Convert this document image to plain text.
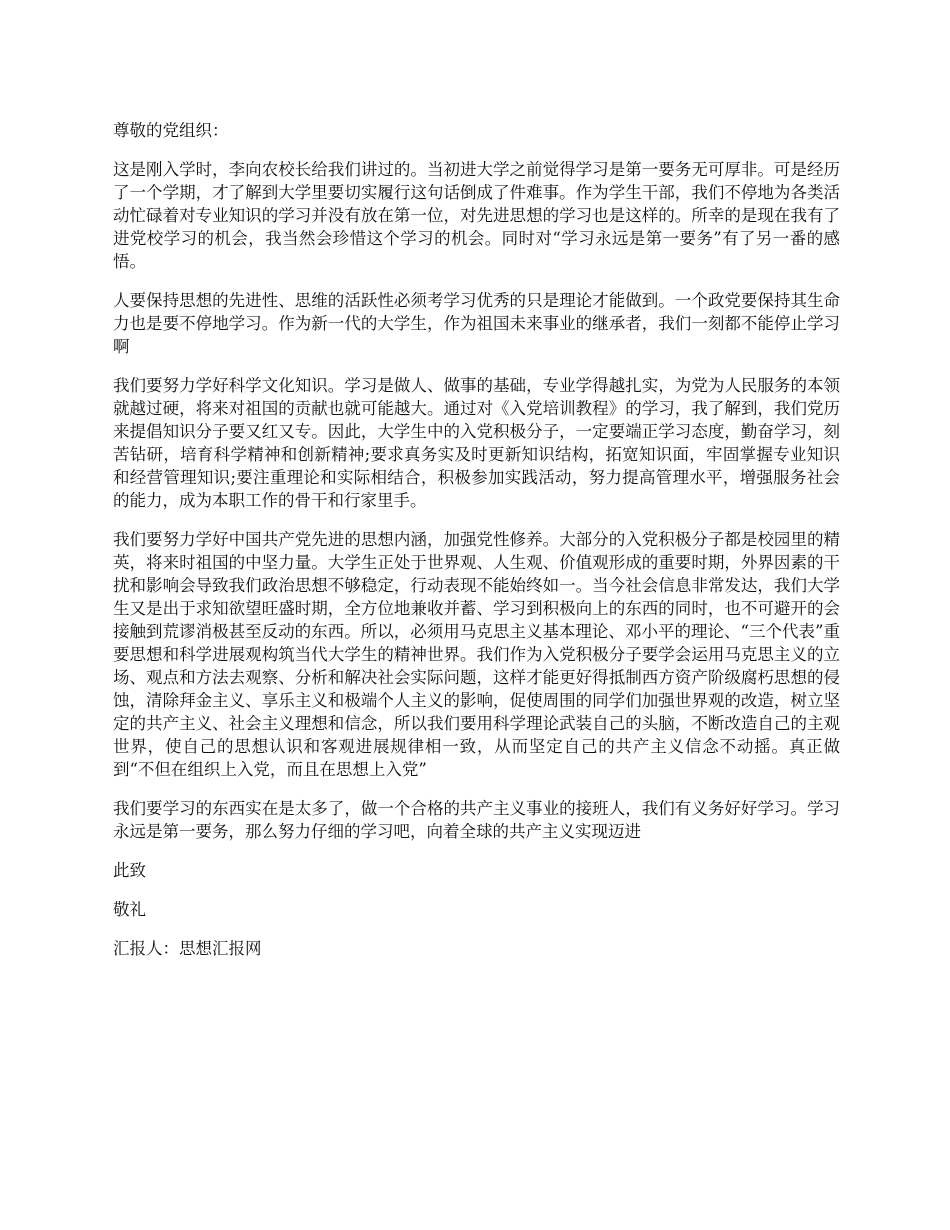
尊敬的党组织：

这是刚入学时，李向农校长给我们讲过的。当初进大学之前觉得学习是第一要务无可厚非。可是经历了一个学期，才了解到大学里要切实履行这句话倒成了件难事。作为学生干部，我们不停地为各类活动忙碌着对专业知识的学习并没有放在第一位，对先进思想的学习也是这样的。所幸的是现在我有了进党校学习的机会，我当然会珍惜这个学习的机会。同时对“学习永远是第一要务”有了另一番的感悟。

人要保持思想的先进性、思维的活跃性必须考学习优秀的只是理论才能做到。一个政党要保持其生命力也是要不停地学习。作为新一代的大学生，作为祖国未来事业的继承者，我们一刻都不能停止学习啊

我们要努力学好科学文化知识。学习是做人、做事的基础，专业学得越扎实，为党为人民服务的本领就越过硬，将来对祖国的贡献也就可能越大。通过对《入党培训教程》的学习，我了解到，我们党历来提倡知识分子要又红又专。因此，大学生中的入党积极分子，一定要端正学习态度，勤奋学习，刻苦钻研，培育科学精神和创新精神;要求真务实及时更新知识结构，拓宽知识面，牢固掌握专业知识和经营管理知识;要注重理论和实际相结合，积极参加实践活动，努力提高管理水平，增强服务社会的能力，成为本职工作的骨干和行家里手。

我们要努力学好中国共产党先进的思想内涵，加强党性修养。大部分的入党积极分子都是校园里的精英，将来时祖国的中坚力量。大学生正处于世界观、人生观、价值观形成的重要时期，外界因素的干扰和影响会导致我们政治思想不够稳定，行动表现不能始终如一。当今社会信息非常发达，我们大学生又是出于求知欲望旺盛时期，全方位地兼收并蓄、学习到积极向上的东西的同时，也不可避开的会接触到荒谬消极甚至反动的东西。所以，必须用马克思主义基本理论、邓小平的理论、“三个代表”重要思想和科学进展观构筑当代大学生的精神世界。我们作为入党积极分子要学会运用马克思主义的立场、观点和方法去观察、分析和解决社会实际问题，这样才能更好得抵制西方资产阶级腐朽思想的侵蚀，清除拜金主义、享乐主义和极端个人主义的影响，促使周围的同学们加强世界观的改造，树立坚定的共产主义、社会主义理想和信念，所以我们要用科学理论武装自己的头脑，不断改造自己的主观世界，使自己的思想认识和客观进展规律相一致，从而坚定自己的共产主义信念不动摇。真正做到“不但在组织上入党，而且在思想上入党”

我们要学习的东西实在是太多了，做一个合格的共产主义事业的接班人，我们有义务好好学习。学习永远是第一要务，那么努力仔细的学习吧，向着全球的共产主义实现迈进

此致

敬礼

汇报人：思想汇报网
